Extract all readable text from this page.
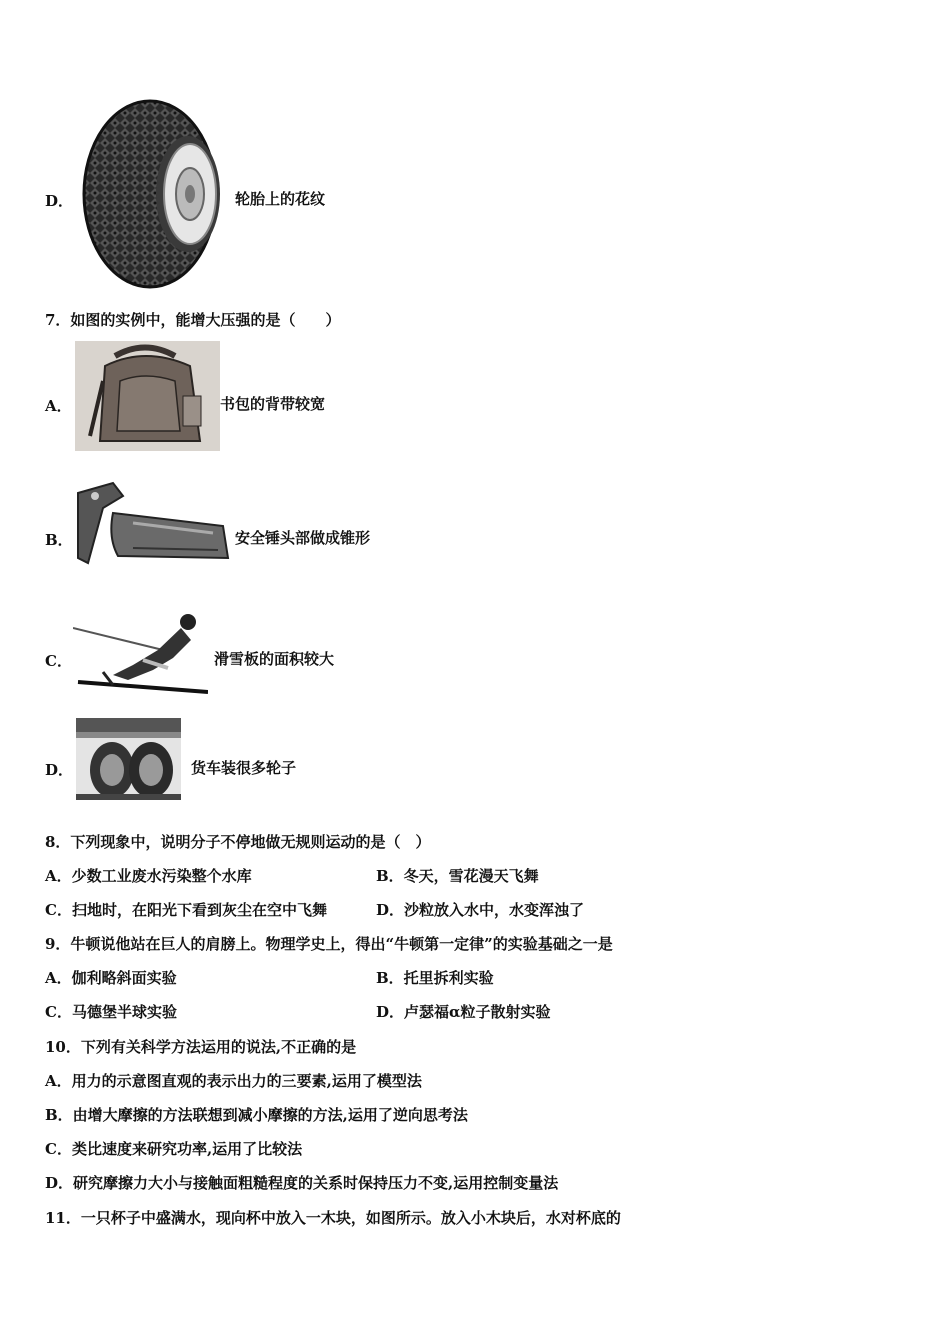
D．	轮胎上的花纹
7．如图的实例中，能增大压强的是（　　）
A．	书包的背带较宽
B．	安全锤头部做成锥形
C．	滑雪板的面积较大
D．	货车装很多轮子
8．下列现象中，说明分子不停地做无规则运动的是（　）
A．少数工业废水污染整个水库	B．冬天，雪花漫天飞舞
C．扫地时，在阳光下看到灰尘在空中飞舞	D．沙粒放入水中，水变浑浊了
9．牛顿说他站在巨人的肩膀上。物理学史上，得出“牛顿第一定律”的实验基础之一是
A．伽利略斜面实验	B．托里拆利实验
C．马德堡半球实验	D．卢瑟福α粒子散射实验
10．下列有关科学方法运用的说法,不正确的是
A．用力的示意图直观的表示出力的三要素,运用了模型法
B．由增大摩擦的方法联想到减小摩擦的方法,运用了逆向思考法
C．类比速度来研究功率,运用了比较法
D．研究摩擦力大小与接触面粗糙程度的关系时保持压力不变,运用控制变量法
11．一只杯子中盛满水，现向杯中放入一木块，如图所示。放入小木块后，水对杯底的
